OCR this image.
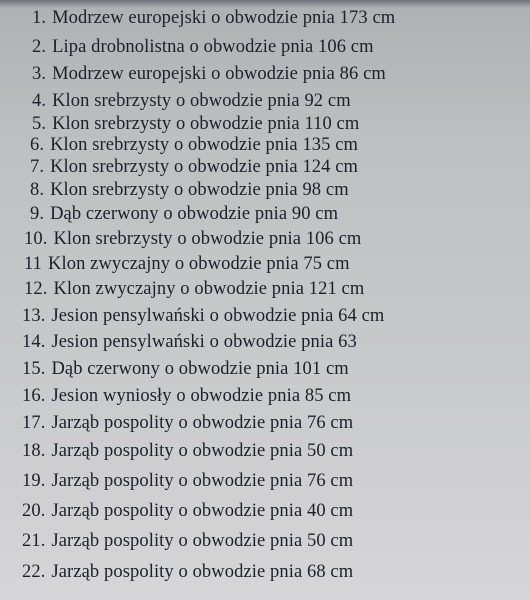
1. Modrzew europejski o obwodzie pnia 173 cm
2. Lipa drobnolistna o obwodzie pnia 106 cm
3. Modrzew europejski o obwodzie pnia 86 cm
4. Klon srebrzysty o obwodzie pnia 92 cm
5. Klon srebrzysty o obwodzie pnia 110 cm
6. Klon srebrzysty o obwodzie pnia 135 cm
7. Klon srebrzysty o obwodzie pnia 124 cm
8. Klon srebrzysty o obwodzie pnia 98 cm
9. Dąb czerwony o obwodzie pnia 90 cm
10. Klon srebrzysty o obwodzie pnia 106 cm
11 Klon zwyczajny o obwodzie pnia 75 cm
12. Klon zwyczajny o obwodzie pnia 121 cm
13. Jesion pensylwański o obwodzie pnia 64 cm
14. Jesion pensylwański o obwodzie pnia 63
15. Dąb czerwony o obwodzie pnia 101 cm
16. Jesion wyniosły o obwodzie pnia 85 cm
17. Jarząb pospolity o obwodzie pnia 76 cm
18. Jarząb pospolity o obwodzie pnia 50 cm
19. Jarząb pospolity o obwodzie pnia 76 cm
20. Jarząb pospolity o obwodzie pnia 40 cm
21. Jarząb pospolity o obwodzie pnia 50 cm
22. Jarząb pospolity o obwodzie pnia 68 cm
